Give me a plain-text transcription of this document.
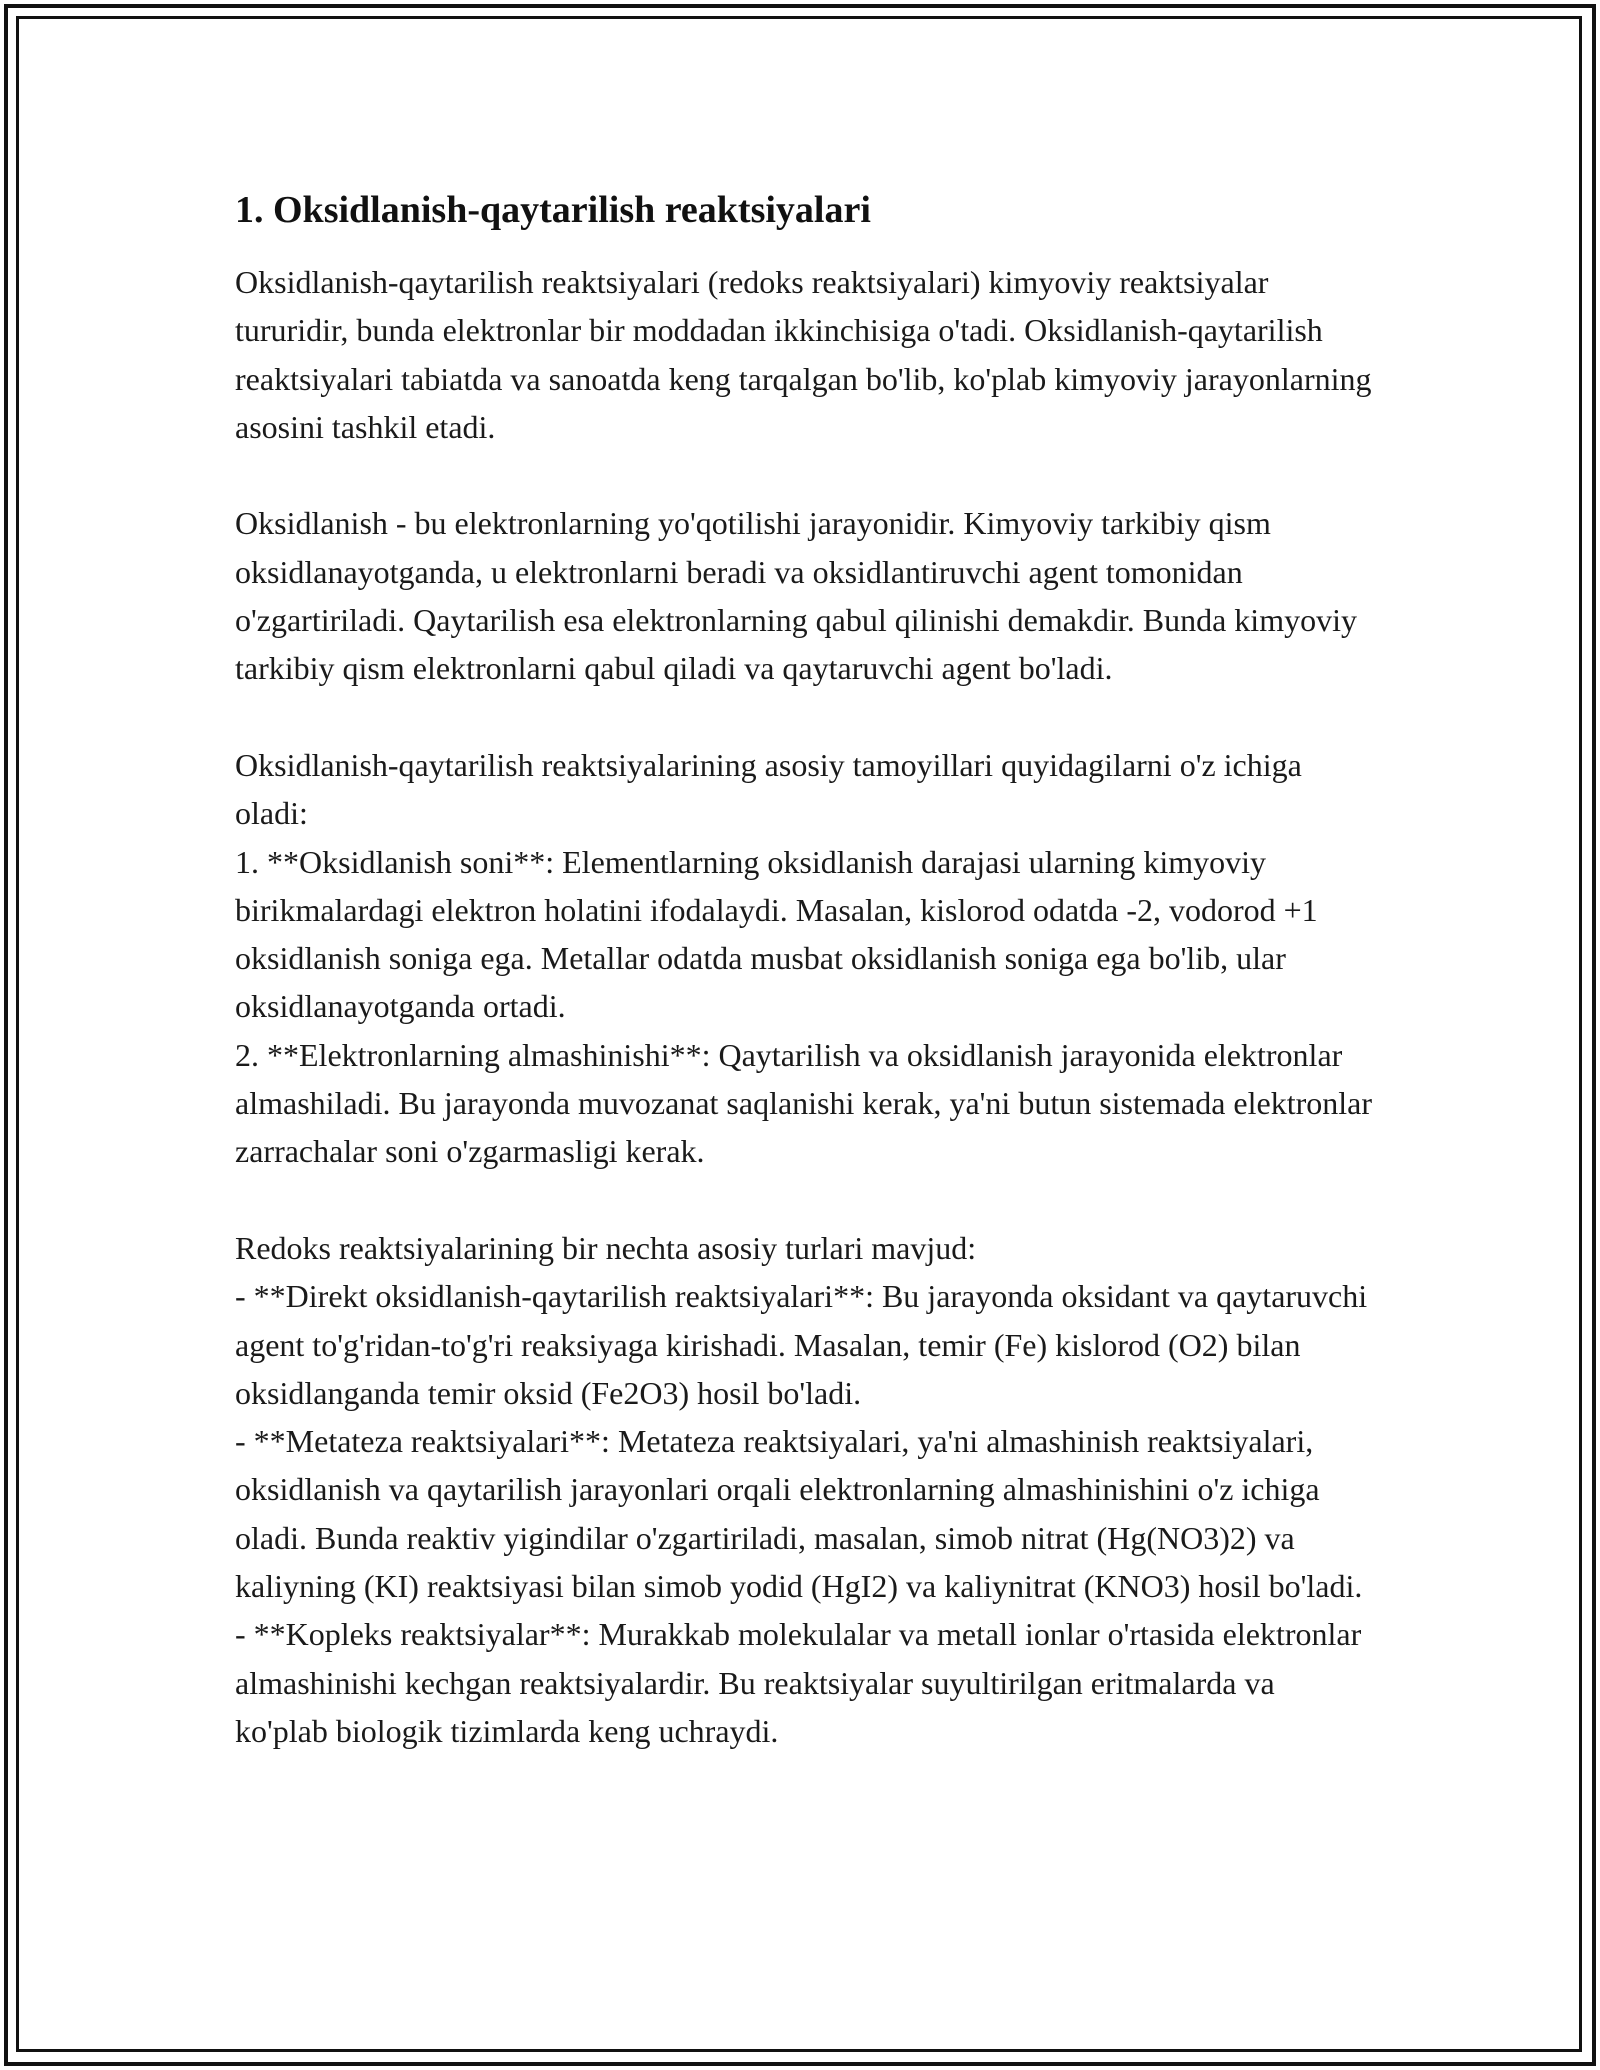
1. Oksidlanish-qaytarilish reaktsiyalari

Oksidlanish-qaytarilish reaktsiyalari (redoks reaktsiyalari) kimyoviy reaktsiyalar tururidir, bunda elektronlar bir moddadan ikkinchisiga o'tadi. Oksidlanish-qaytarilish reaktsiyalari tabiatda va sanoatda keng tarqalgan bo'lib, ko'plab kimyoviy jarayonlarning asosini tashkil etadi.

Oksidlanish - bu elektronlarning yo'qotilishi jarayonidir. Kimyoviy tarkibiy qism oksidlanayotganda, u elektronlarni beradi va oksidlantiruvchi agent tomonidan o'zgartiriladi. Qaytarilish esa elektronlarning qabul qilinishi demakdir. Bunda kimyoviy tarkibiy qism elektronlarni qabul qiladi va qaytaruvchi agent bo'ladi.

Oksidlanish-qaytarilish reaktsiyalarining asosiy tamoyillari quyidagilarni o'z ichiga oladi:

1. **Oksidlanish soni**: Elementlarning oksidlanish darajasi ularning kimyoviy birikmalardagi elektron holatini ifodalaydi. Masalan, kislorod odatda -2, vodorod +1 oksidlanish soniga ega. Metallar odatda musbat oksidlanish soniga ega bo'lib, ular oksidlanayotganda ortadi.

2. **Elektronlarning almashinishi**: Qaytarilish va oksidlanish jarayonida elektronlar almashiladi. Bu jarayonda muvozanat saqlanishi kerak, ya'ni butun sistemada elektronlar zarrachalar soni o'zgarmasligi kerak.

Redoks reaktsiyalarining bir nechta asosiy turlari mavjud:

- **Direkt oksidlanish-qaytarilish reaktsiyalari**: Bu jarayonda oksidant va qaytaruvchi agent to'g'ridan-to'g'ri reaksiyaga kirishadi. Masalan, temir (Fe) kislorod (O2) bilan oksidlanganda temir oksid (Fe2O3) hosil bo'ladi.

- **Metateza reaktsiyalari**: Metateza reaktsiyalari, ya'ni almashinish reaktsiyalari, oksidlanish va qaytarilish jarayonlari orqali elektronlarning almashinishini o'z ichiga oladi. Bunda reaktiv yigindilar o'zgartiriladi, masalan, simob nitrat (Hg(NO3)2) va kaliyning (KI) reaktsiyasi bilan simob yodid (HgI2) va kaliynitrat (KNO3) hosil bo'ladi.

- **Kopleks reaktsiyalar**: Murakkab molekulalar va metall ionlar o'rtasida elektronlar almashinishi kechgan reaktsiyalardir. Bu reaktsiyalar suyultirilgan eritmalarda va ko'plab biologik tizimlarda keng uchraydi.
